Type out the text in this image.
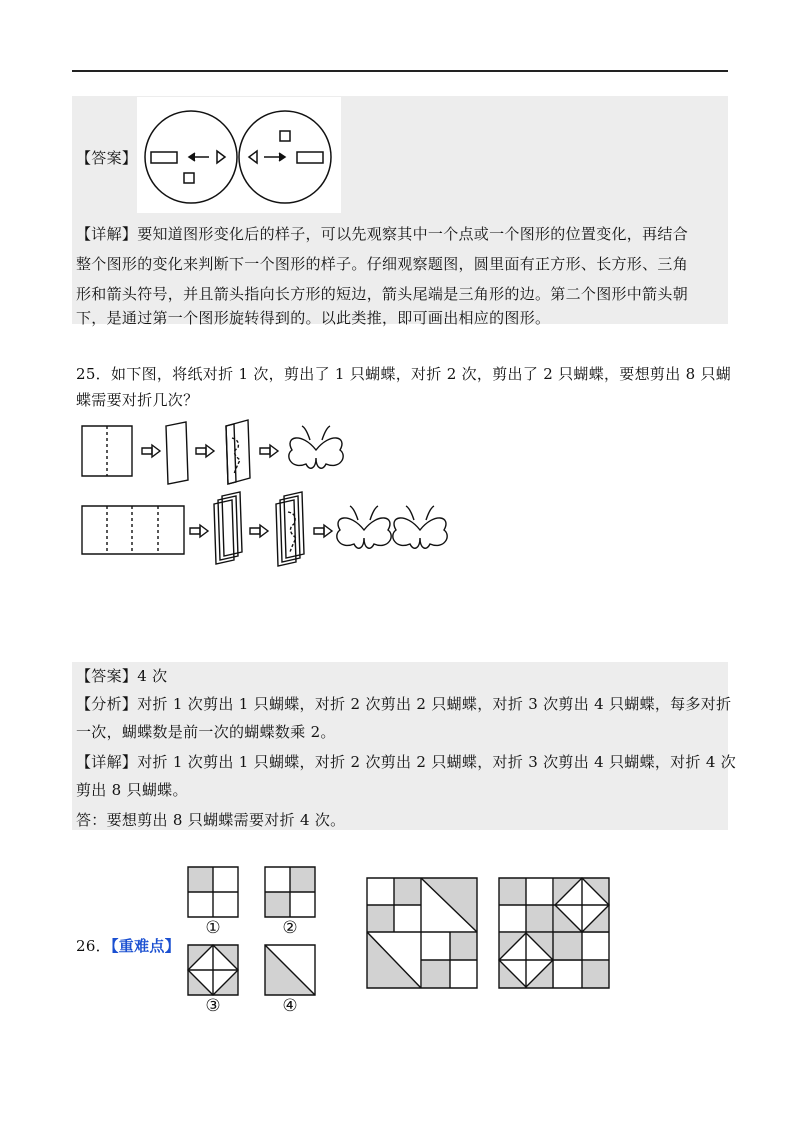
【答案】
【详解】要知道图形变化后的样子，可以先观察其中一个点或一个图形的位置变化，再结合
整个图形的变化来判断下一个图形的样子。仔细观察题图，圆里面有正方形、长方形、三角
形和箭头符号，并且箭头指向长方形的短边，箭头尾端是三角形的边。第二个图形中箭头朝
下，是通过第一个图形旋转得到的。以此类推，即可画出相应的图形。
25．如下图，将纸对折 1 次，剪出了 1 只蝴蝶，对折 2 次，剪出了 2 只蝴蝶，要想剪出 8 只蝴
蝶需要对折几次？
【答案】4 次
【分析】对折 1 次剪出 1 只蝴蝶，对折 2 次剪出 2 只蝴蝶，对折 3 次剪出 4 只蝴蝶，每多对折
一次，蝴蝶数是前一次的蝴蝶数乘 2。
【详解】对折 1 次剪出 1 只蝴蝶，对折 2 次剪出 2 只蝴蝶，对折 3 次剪出 4 只蝴蝶，对折 4 次
剪出 8 只蝴蝶。
答：要想剪出 8 只蝴蝶需要对折 4 次。
26．【重难点】
①	②
③	④
